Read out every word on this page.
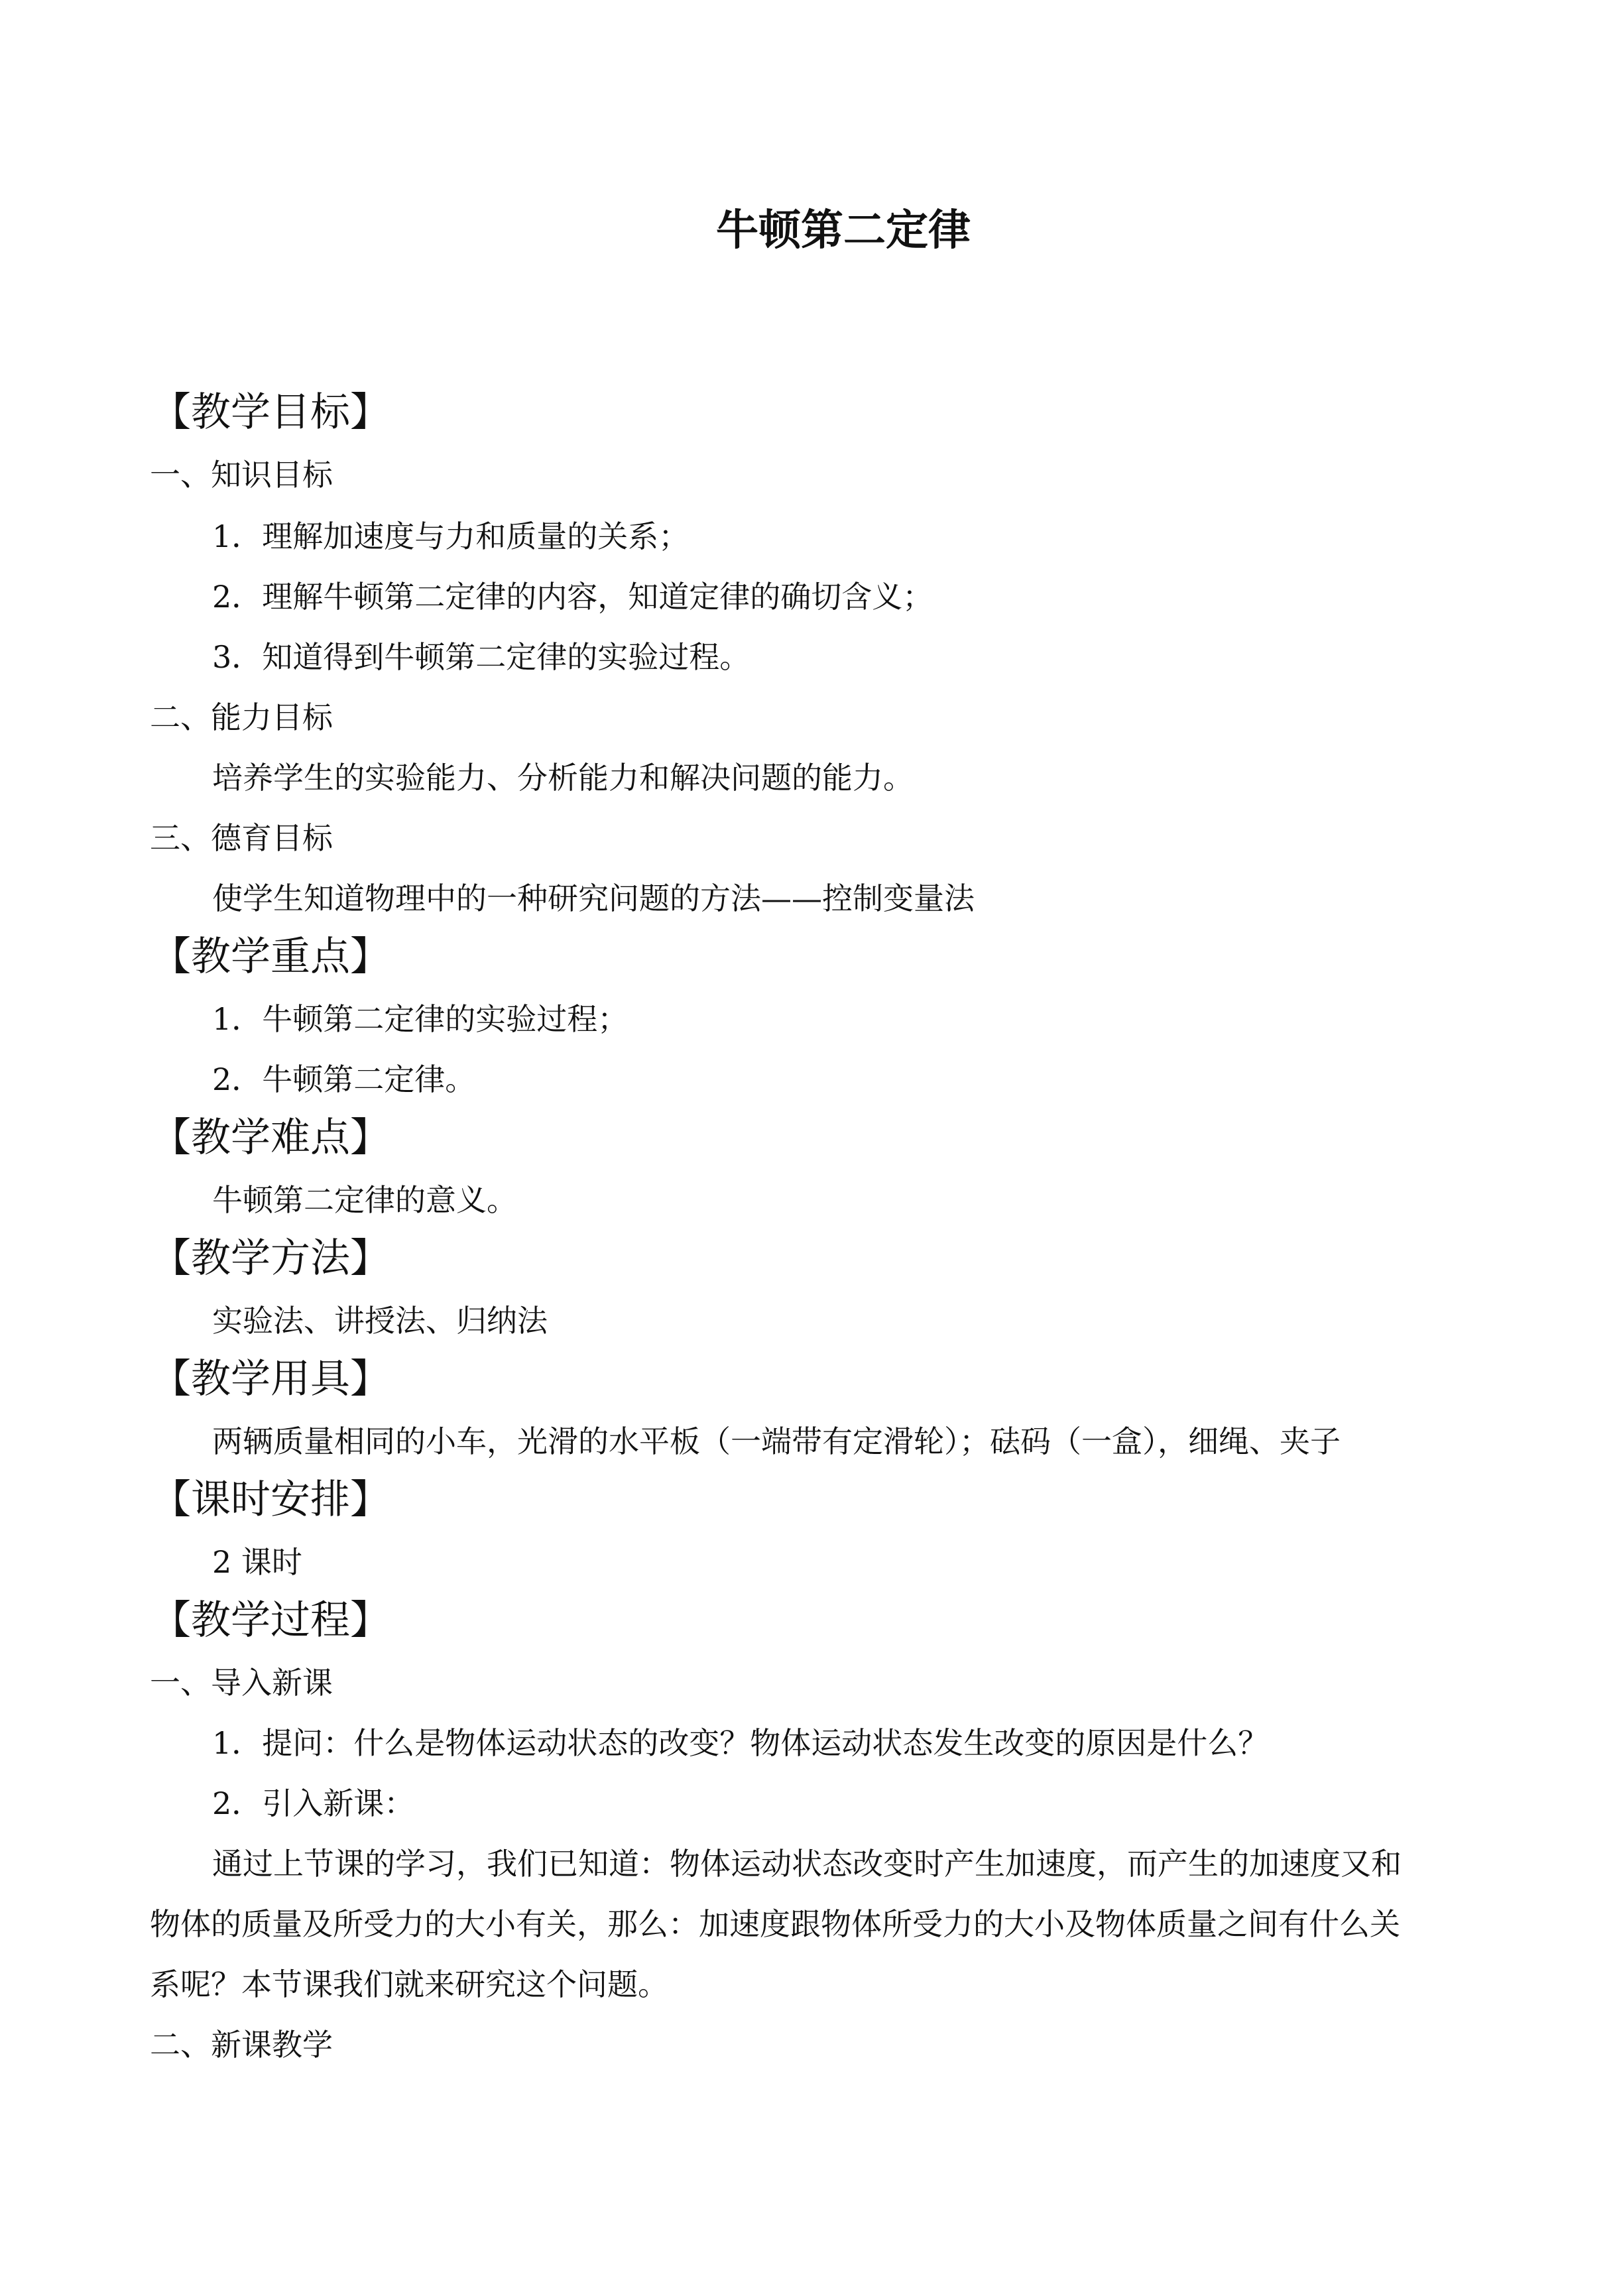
牛顿第二定律
【教学目标】
一、知识目标
1．理解加速度与力和质量的关系；
2．理解牛顿第二定律的内容，知道定律的确切含义；
3．知道得到牛顿第二定律的实验过程。
二、能力目标
培养学生的实验能力、分析能力和解决问题的能力。
三、德育目标
使学生知道物理中的一种研究问题的方法——控制变量法
【教学重点】
1．牛顿第二定律的实验过程；
2．牛顿第二定律。
【教学难点】
牛顿第二定律的意义。
【教学方法】
实验法、讲授法、归纳法
【教学用具】
两辆质量相同的小车，光滑的水平板（一端带有定滑轮）；砝码（一盒），细绳、夹子
【课时安排】
2 课时
【教学过程】
一、导入新课
1．提问：什么是物体运动状态的改变？物体运动状态发生改变的原因是什么？
2．引入新课：
通过上节课的学习，我们已知道：物体运动状态改变时产生加速度，而产生的加速度又和
物体的质量及所受力的大小有关，那么：加速度跟物体所受力的大小及物体质量之间有什么关
系呢？本节课我们就来研究这个问题。
二、新课教学
